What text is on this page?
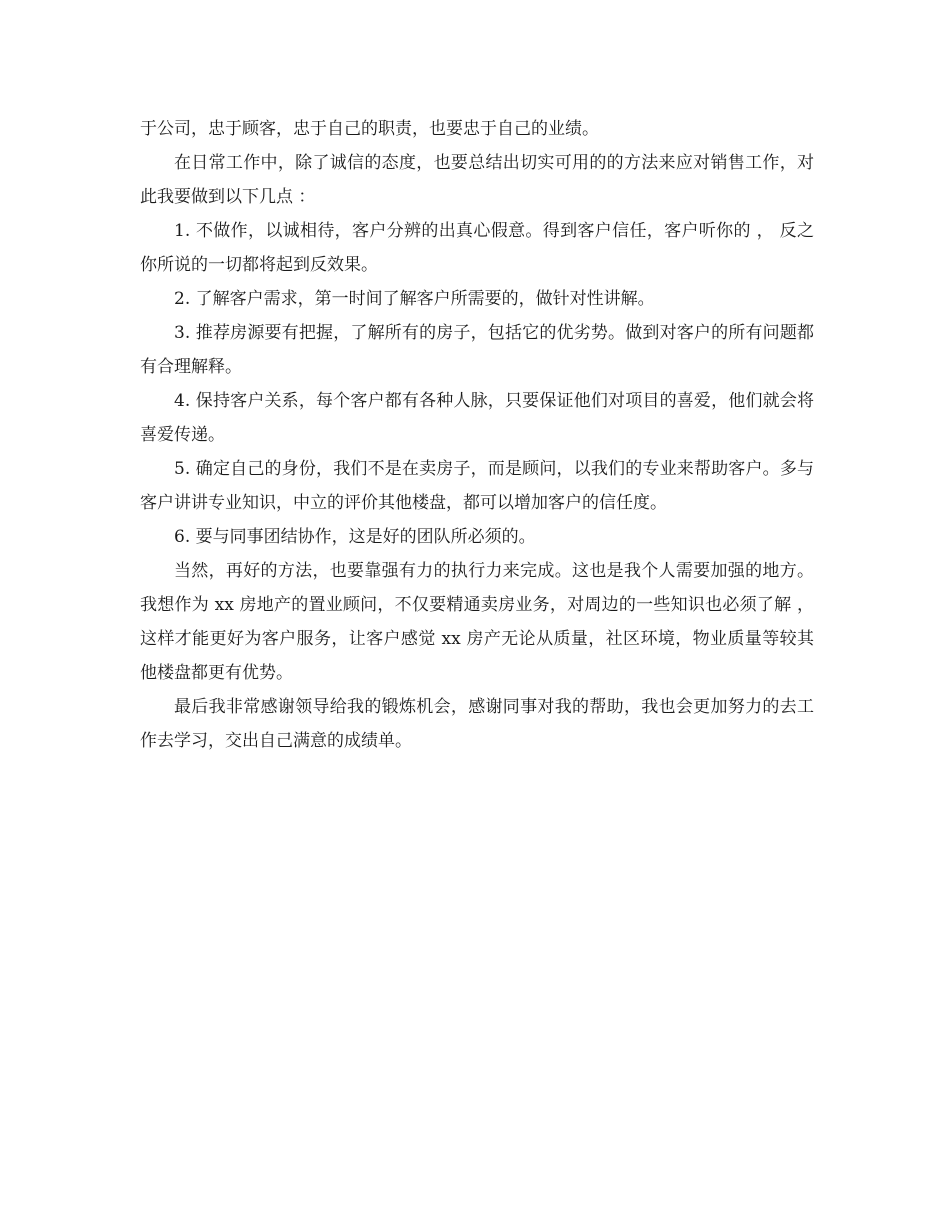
于公司，忠于顾客，忠于自己的职责，也要忠于自己的业绩。

在日常工作中，除了诚信的态度，也要总结出切实可用的的方法来应对销售工作，对此我要做到以下几点 ：

1. 不做作，以诚相待，客户分辨的出真心假意。得到客户信任，客户听你的 ， 反之你所说的一切都将起到反效果。

2. 了解客户需求，第一时间了解客户所需要的，做针对性讲解。

3. 推荐房源要有把握，了解所有的房子，包括它的优劣势。做到对客户的所有问题都有合理解释。

4. 保持客户关系，每个客户都有各种人脉，只要保证他们对项目的喜爱，他们就会将喜爱传递。

5. 确定自己的身份，我们不是在卖房子，而是顾问，以我们的专业来帮助客户。多与客户讲讲专业知识，中立的评价其他楼盘，都可以增加客户的信任度。

6. 要与同事团结协作，这是好的团队所必须的。

当然，再好的方法，也要靠强有力的执行力来完成。这也是我个人需要加强的地方。我想作为 xx 房地产的置业顾问，不仅要精通卖房业务，对周边的一些知识也必须了解 ， 这样才能更好为客户服务，让客户感觉 xx 房产无论从质量，社区环境，物业质量等较其他楼盘都更有优势。

最后我非常感谢领导给我的锻炼机会，感谢同事对我的帮助，我也会更加努力的去工作去学习，交出自己满意的成绩单。
